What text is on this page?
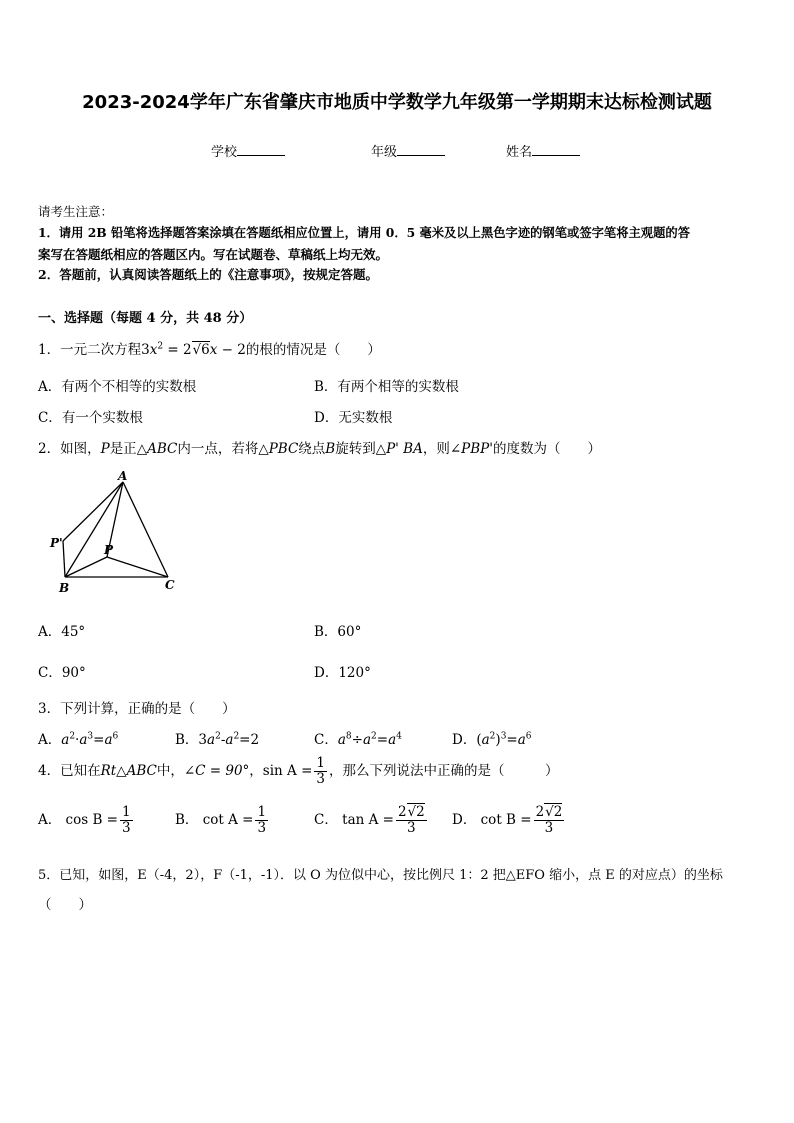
2023-2024学年广东省肇庆市地质中学数学九年级第一学期期末达标检测试题
学校	年级	姓名
请考生注意：
1．请用 2B 铅笔将选择题答案涂填在答题纸相应位置上，请用 0．5 毫米及以上黑色字迹的钢笔或签字笔将主观题的答
案写在答题纸相应的答题区内。写在试题卷、草稿纸上均无效。
2．答题前，认真阅读答题纸上的《注意事项》，按规定答题。
一、选择题（每题 4 分，共 48 分）
1．一元二次方程$3x^2 = 2√6x - 2$的根的情况是（　　）
A．有两个不相等的实数根	B．有两个相等的实数根
C．有一个实数根	D．无实数根
2．如图，P是正△ABC内一点，若将△PBC绕点B旋转到△P' BA，则∠PBP'的度数为（　　）
A
P'	P
B	C
A．45°	B．60°
C．90°	D．120°
3．下列计算，正确的是（　　）
A．$a^2\cdot a^3=a^6$	B．$3a^2-a^2=2$	C．$a^8\div a^2=a^4$	D．$(a^2)^3=a^6$
4．已知在Rt△ABC中，∠C = 90°，$\sin A = \frac{1}{3}$ ，那么下列说法中正确的是（　　　）
A． $\cos B = \frac{1}{3}$	B． $\cot A = \frac{1}{3}$	C． $\tan A = \frac{2√2}{3}$ D． $\cot B = \frac{2√2}{3}$
5．已知，如图，E（-4，2），F（-1，-1）．以 O 为位似中心，按比例尺 1：2 把△EFO 缩小，点 E 的对应点）的坐标
（　　）
